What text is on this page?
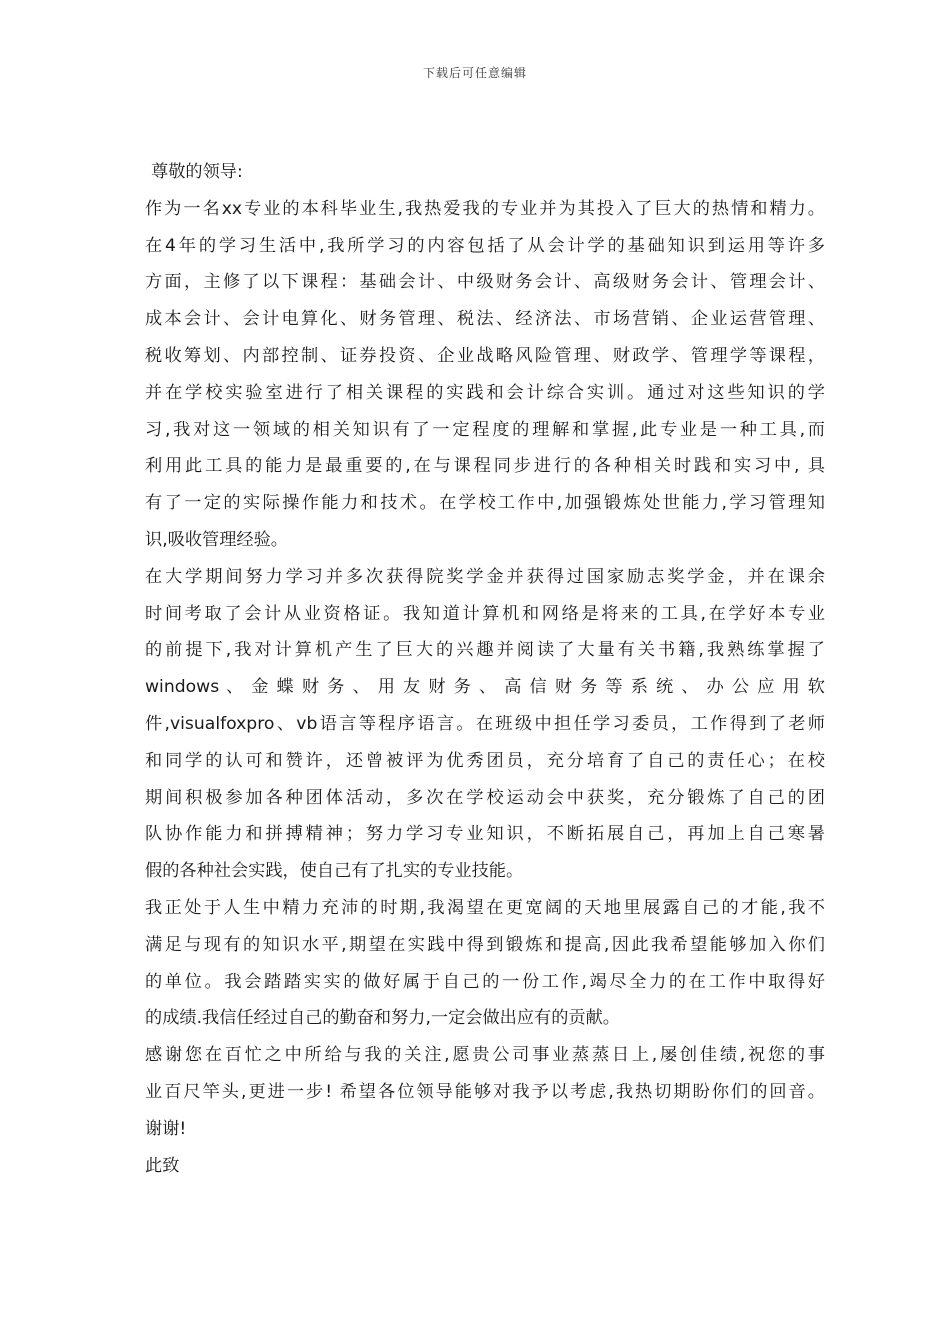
下载后可任意编辑
尊敬的领导:
作为一名xx专业的本科毕业生,我热爱我的专业并为其投入了巨大的热情和精力。
在4年的学习生活中,我所学习的内容包括了从会计学的基础知识到运用等许多
方面，主修了以下课程：基础会计、中级财务会计、高级财务会计、管理会计、
成本会计、会计电算化、财务管理、税法、经济法、市场营销、企业运营管理、
税收筹划、内部控制、证券投资、企业战略风险管理、财政学、管理学等课程，
并在学校实验室进行了相关课程的实践和会计综合实训。通过对这些知识的学
习,我对这一领域的相关知识有了一定程度的理解和掌握,此专业是一种工具,而
利用此工具的能力是最重要的,在与课程同步进行的各种相关时践和实习中, 具
有了一定的实际操作能力和技术。在学校工作中,加强锻炼处世能力,学习管理知
识,吸收管理经验。
在大学期间努力学习并多次获得院奖学金并获得过国家励志奖学金，并在课余
时间考取了会计从业资格证。我知道计算机和网络是将来的工具,在学好本专业
的前提下,我对计算机产生了巨大的兴趣并阅读了大量有关书籍,我熟练掌握了
windows 、 金 蝶 财 务 、 用 友 财 务 、 高 信 财 务 等 系 统 、 办 公 应 用 软
件,visualfoxpro、vb语言等程序语言。在班级中担任学习委员，工作得到了老师
和同学的认可和赞许，还曾被评为优秀团员，充分培育了自己的责任心；在校
期间积极参加各种团体活动，多次在学校运动会中获奖，充分锻炼了自己的团
队协作能力和拼搏精神；努力学习专业知识，不断拓展自己，再加上自己寒暑
假的各种社会实践，使自己有了扎实的专业技能。
我正处于人生中精力充沛的时期,我渴望在更宽阔的天地里展露自己的才能,我不
满足与现有的知识水平,期望在实践中得到锻炼和提高,因此我希望能够加入你们
的单位。我会踏踏实实的做好属于自己的一份工作,竭尽全力的在工作中取得好
的成绩.我信任经过自己的勤奋和努力,一定会做出应有的贡献。
感谢您在百忙之中所给与我的关注,愿贵公司事业蒸蒸日上,屡创佳绩,祝您的事
业百尺竿头,更进一步! 希望各位领导能够对我予以考虑,我热切期盼你们的回音。
谢谢!
此致
